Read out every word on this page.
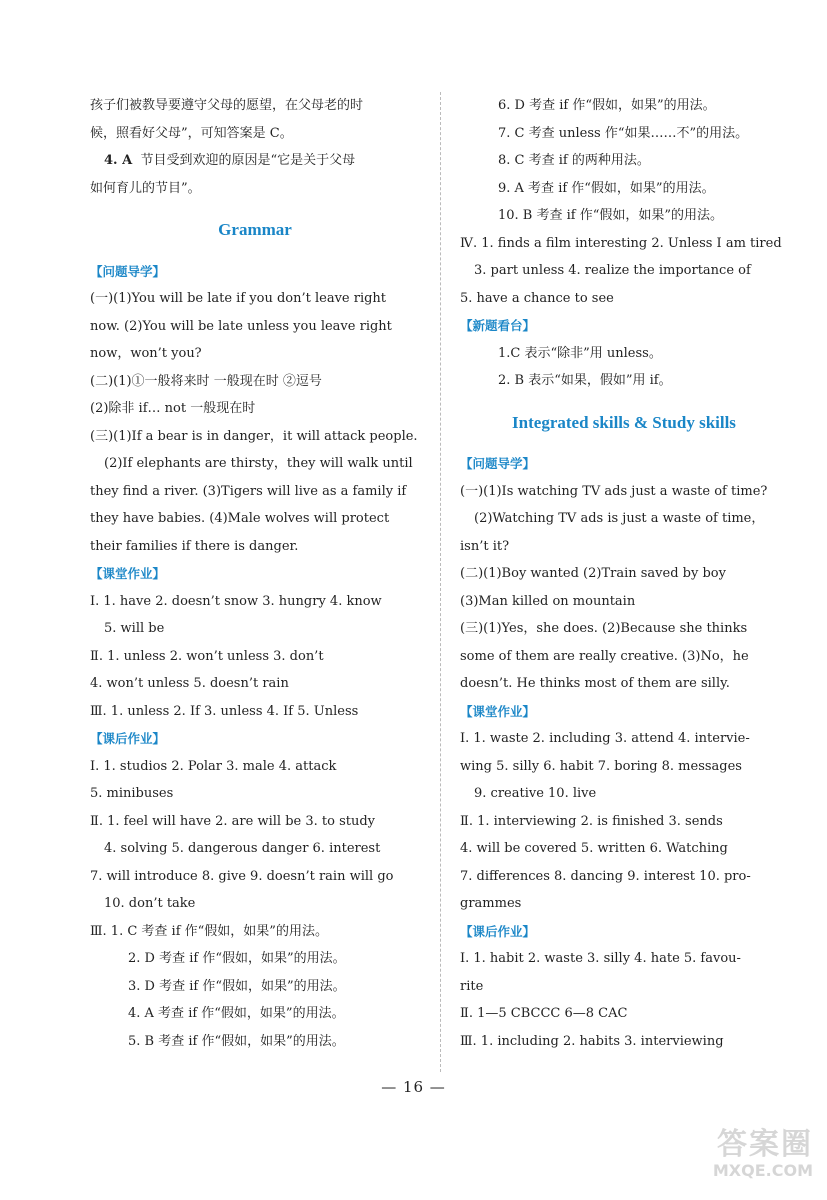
孩子们被教导要遵守父母的愿望，在父母老的时
候，照看好父母”，可知答案是 C。
4. A 节目受到欢迎的原因是“它是关于父母
如何育儿的节目”。
Grammar
【问题导学】
(一)(1)You will be late if you don’t leave right
now. (2)You will be late unless you leave right
now，won’t you?
(二)(1)①一般将来时 一般现在时 ②逗号
(2)除非 if… not 一般现在时
(三)(1)If a bear is in danger，it will attack people.
(2)If elephants are thirsty，they will walk until
they find a river. (3)Tigers will live as a family if
they have babies. (4)Male wolves will protect
their families if there is danger.
【课堂作业】
Ⅰ. 1. have 2. doesn’t snow 3. hungry 4. know
5. will be
Ⅱ. 1. unless 2. won’t unless 3. don’t
4. won’t unless 5. doesn’t rain
Ⅲ. 1. unless 2. If 3. unless 4. If 5. Unless
【课后作业】
Ⅰ. 1. studios 2. Polar 3. male 4. attack
5. minibuses
Ⅱ. 1. feel will have 2. are will be 3. to study
4. solving 5. dangerous danger 6. interest
7. will introduce 8. give 9. doesn’t rain will go
10. don’t take
Ⅲ. 1. C 考查 if 作“假如，如果”的用法。
2. D 考查 if 作“假如，如果”的用法。
3. D 考查 if 作“假如，如果”的用法。
4. A 考查 if 作“假如，如果”的用法。
5. B 考查 if 作“假如，如果”的用法。
6. D 考查 if 作“假如，如果”的用法。
7. C 考查 unless 作“如果……不”的用法。
8. C 考查 if 的两种用法。
9. A 考查 if 作“假如，如果”的用法。
10. B 考查 if 作“假如，如果”的用法。
Ⅳ. 1. finds a film interesting 2. Unless I am tired
3. part unless 4. realize the importance of
5. have a chance to see
【新题看台】
1.C 表示“除非”用 unless。
2. B 表示“如果，假如”用 if。
Integrated skills & Study skills
【问题导学】
(一)(1)Is watching TV ads just a waste of time?
(2)Watching TV ads is just a waste of time，
isn’t it?
(二)(1)Boy wanted (2)Train saved by boy
(3)Man killed on mountain
(三)(1)Yes，she does. (2)Because she thinks
some of them are really creative. (3)No，he
doesn’t. He thinks most of them are silly.
【课堂作业】
Ⅰ. 1. waste 2. including 3. attend 4. intervie-
wing 5. silly 6. habit 7. boring 8. messages
9. creative 10. live
Ⅱ. 1. interviewing 2. is finished 3. sends
4. will be covered 5. written 6. Watching
7. differences 8. dancing 9. interest 10. pro-
grammes
【课后作业】
Ⅰ. 1. habit 2. waste 3. silly 4. hate 5. favou-
rite
Ⅱ. 1—5 CBCCC 6—8 CAC
Ⅲ. 1. including 2. habits 3. interviewing
— 16 —
答案圈
MXQE.COM
